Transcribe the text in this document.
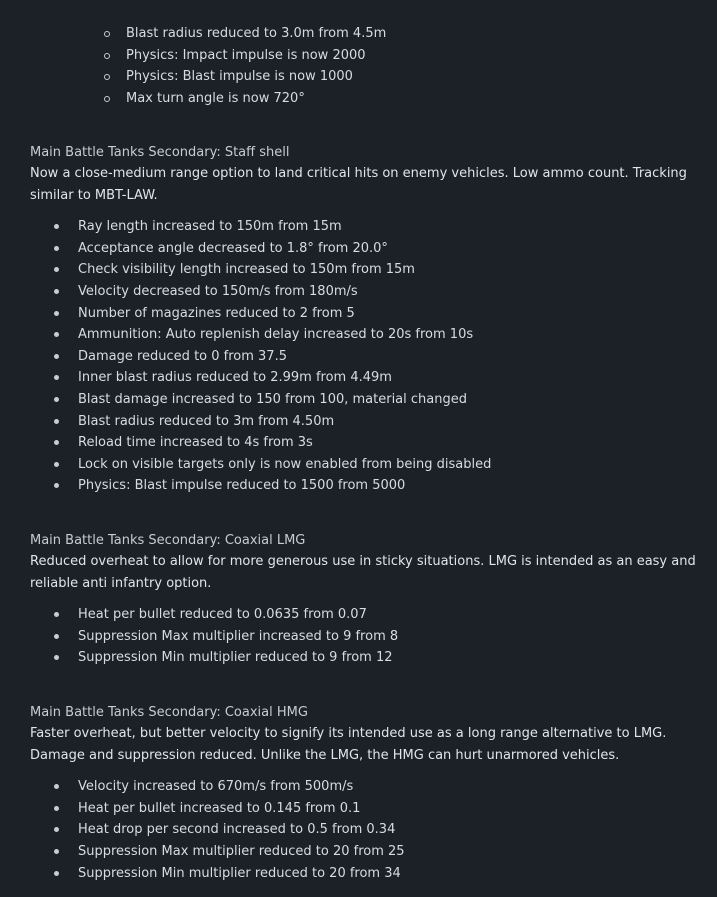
Blast radius reduced to 3.0m from 4.5m
Physics: Impact impulse is now 2000
Physics: Blast impulse is now 1000
Max turn angle is now 720°
Main Battle Tanks Secondary: Staff shell
Now a close-medium range option to land critical hits on enemy vehicles. Low ammo count. Tracking similar to MBT-LAW.
Ray length increased to 150m from 15m
Acceptance angle decreased to 1.8° from 20.0°
Check visibility length increased to 150m from 15m
Velocity decreased to 150m/s from 180m/s
Number of magazines reduced to 2 from 5
Ammunition: Auto replenish delay increased to 20s from 10s
Damage reduced to 0 from 37.5
Inner blast radius reduced to 2.99m from 4.49m
Blast damage increased to 150 from 100, material changed
Blast radius reduced to 3m from 4.50m
Reload time increased to 4s from 3s
Lock on visible targets only is now enabled from being disabled
Physics: Blast impulse reduced to 1500 from 5000
Main Battle Tanks Secondary: Coaxial LMG
Reduced overheat to allow for more generous use in sticky situations. LMG is intended as an easy and reliable anti infantry option.
Heat per bullet reduced to 0.0635 from 0.07
Suppression Max multiplier increased to 9 from 8
Suppression Min multiplier reduced to 9 from 12
Main Battle Tanks Secondary: Coaxial HMG
Faster overheat, but better velocity to signify its intended use as a long range alternative to LMG. Damage and suppression reduced. Unlike the LMG, the HMG can hurt unarmored vehicles.
Velocity increased to 670m/s from 500m/s
Heat per bullet increased to 0.145 from 0.1
Heat drop per second increased to 0.5 from 0.34
Suppression Max multiplier reduced to 20 from 25
Suppression Min multiplier reduced to 20 from 34
